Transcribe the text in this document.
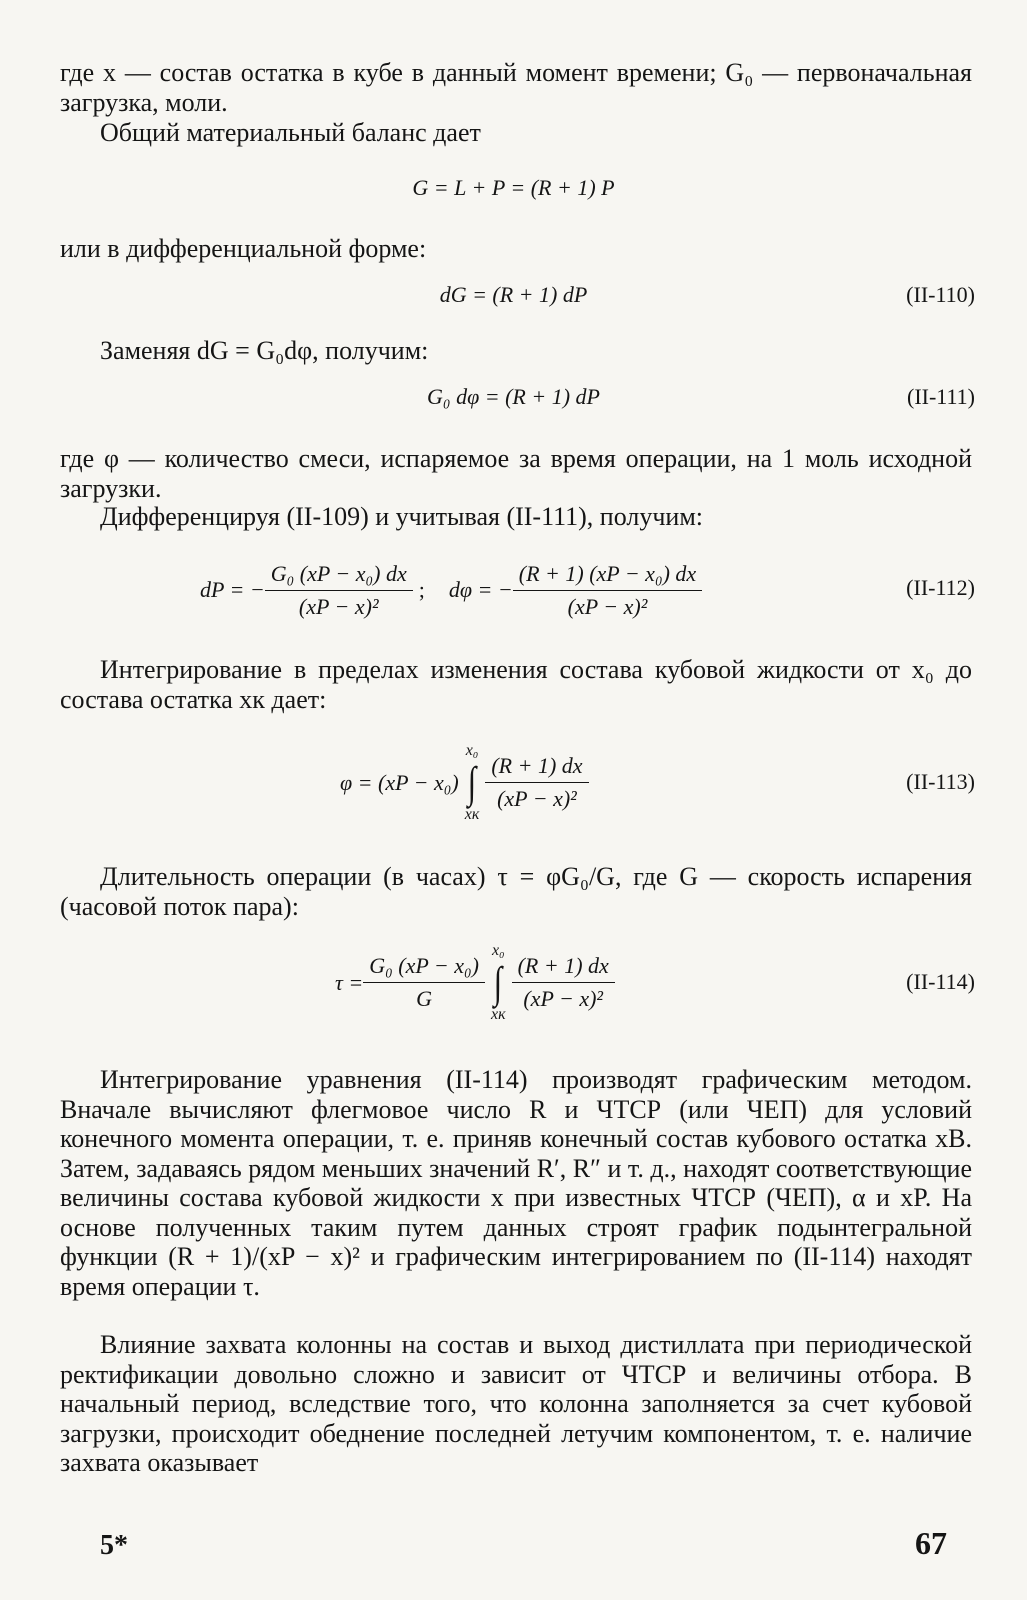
где x — состав остатка в кубе в данный момент времени; G₀ — первоначальная загрузка, моли.

Общий материальный баланс дает

G = L + P = (R + 1) P

или в дифференциальной форме:

dG = (R + 1) dP	(II-110)

Заменяя dG = G₀dφ, получим:

G₀ dφ = (R + 1) dP	(II-111)

где φ — количество смеси, испаряемое за время операции, на 1 моль исходной загрузки.

Дифференцируя (II-109) и учитывая (II-111), получим:

dP = − $\frac{\text{G₀ (xP − x₀) dx}}{\text{(xP − x)²}}$ ; dφ = − $\frac{\text{(R + 1) (xP − x₀) dx}}{\text{(xP − x)²}}$	(II-112)

Интегрирование в пределах изменения состава кубовой жидкости от x₀ до состава остатка xк дает:

φ = (xP − x₀)
x₀
∫
xк
$\frac{(R + 1) dx}{\text{(xP − x)²}}$	(II-113)

Длительность операции (в часах) τ = φG₀/G, где G — скорость испарения (часовой поток пара):

$\tau = \frac{\text{G₀ (xP − x₀)}}{G}$
x₀
∫
xк
$\frac{(R + 1) dx}{\text{(xP − x)²}}$	(II-114)

Интегрирование уравнения (II-114) производят графическим методом. Вначале вычисляют флегмовое число R и ЧТСР (или ЧЕП) для условий конечного момента операции, т. е. приняв конечный состав кубового остатка xB. Затем, задаваясь рядом меньших значений R′, R″ и т. д., находят соответствующие величины состава кубовой жидкости x при известных ЧТСР (ЧЕП), α и xP. На основе полученных таким путем данных строят график подынтегральной функции (R + 1)/(xP − x)² и графическим интегрированием по (II-114) находят время операции τ.

Влияние захвата колонны на состав и выход дистиллата при периодической ректификации довольно сложно и зависит от ЧТСР и величины отбора. В начальный период, вследствие того, что колонна заполняется за счет кубовой загрузки, происходит обеднение последней летучим компонентом, т. е. наличие захвата оказывает

5*	67
